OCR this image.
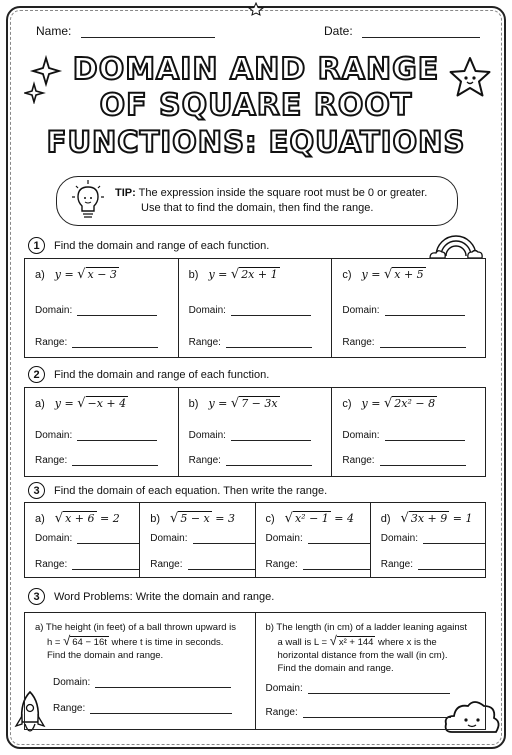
Name:	Date:
DOMAIN AND RANGE
OF SQUARE ROOT
FUNCTIONS: EQUATIONS
TIP: The expression inside the square root must be 0 or greater.
Use that to find the domain, then find the range.
1	Find the domain and range of each function.
a) y = √ x − 3
Domain:
Range:
b) y = √ 2x + 1
Domain:
Range:
c) y = √ x + 5
Domain:
Range:
2	Find the domain and range of each function.
a) y = √ −x + 4
Domain:
Range:
b) y = √ 7 − 3x
Domain:
Range:
c) y = √ 2x² − 8
Domain:
Range:
3	Find the domain of each equation. Then write the range.
a) √ x + 6 = 2
Domain:
Range:
b) √ 5 − x = 3
Domain:
Range:
c) √ x² − 1 = 4
Domain:
Range:
d) √ 3x + 9 = 1
Domain:
Range:
3	Word Problems: Write the domain and range.
a) The height (in feet) of a ball thrown upward is
h = √ 64 − 16t where t is time in seconds.
Find the domain and range.
Domain:
Range:
b) The length (in cm) of a ladder leaning against
a wall is L = √ x² + 144 where x is the
horizontal distance from the wall (in cm).
Find the domain and range.
Domain:
Range:
